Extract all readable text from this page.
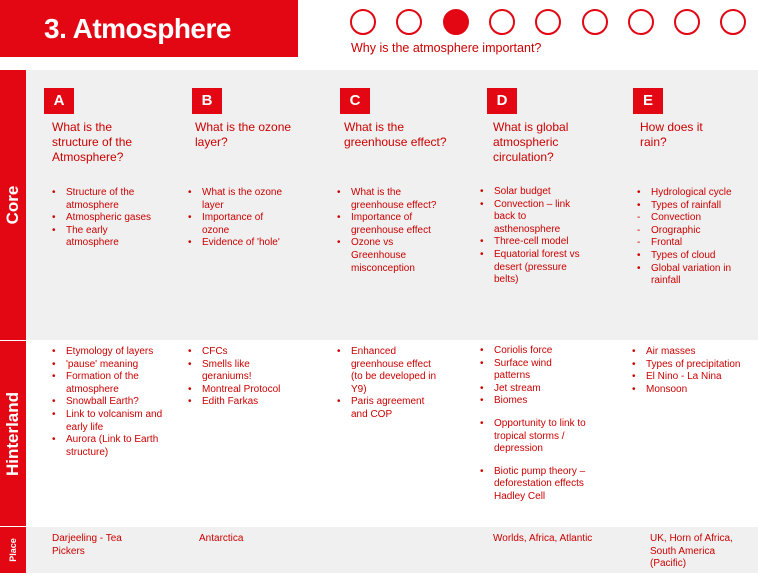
3. Atmosphere
Why is the atmosphere important?
Core
Hinterland
Place
A
What is the
structure of the
Atmosphere?
• Structure of the atmosphere
• Atmospheric gases
• The early atmosphere
• Etymology of layers
• 'pause' meaning
• Formation of the atmosphere
• Snowball Earth?
• Link to volcanism and early life
• Aurora (Link to Earth structure)
Darjeeling - Tea Pickers
B
What is the ozone
layer?
• What is the ozone layer
• Importance of ozone
• Evidence of 'hole'
• CFCs
• Smells like geraniums!
• Montreal Protocol
• Edith Farkas
Antarctica
C
What is the
greenhouse effect?
• What is the greenhouse effect?
• Importance of greenhouse effect
• Ozone vs Greenhouse misconception
• Enhanced greenhouse effect (to be developed in Y9)
• Paris agreement and COP
D
What is global
atmospheric
circulation?
• Solar budget
• Convection – link back to asthenosphere
• Three-cell model
• Equatorial forest vs desert (pressure belts)
• Coriolis force
• Surface wind patterns
• Jet stream
• Biomes
• Opportunity to link to tropical storms / depression
• Biotic pump theory – deforestation effects Hadley Cell
Worlds, Africa, Atlantic
E
How does it
rain?
• Hydrological cycle
• Types of rainfall
- Convection
- Orographic
- Frontal
• Types of cloud
• Global variation in rainfall
• Air masses
• Types of precipitation
• El Nino - La Nina
• Monsoon
UK, Horn of Africa, South America (Pacific)
